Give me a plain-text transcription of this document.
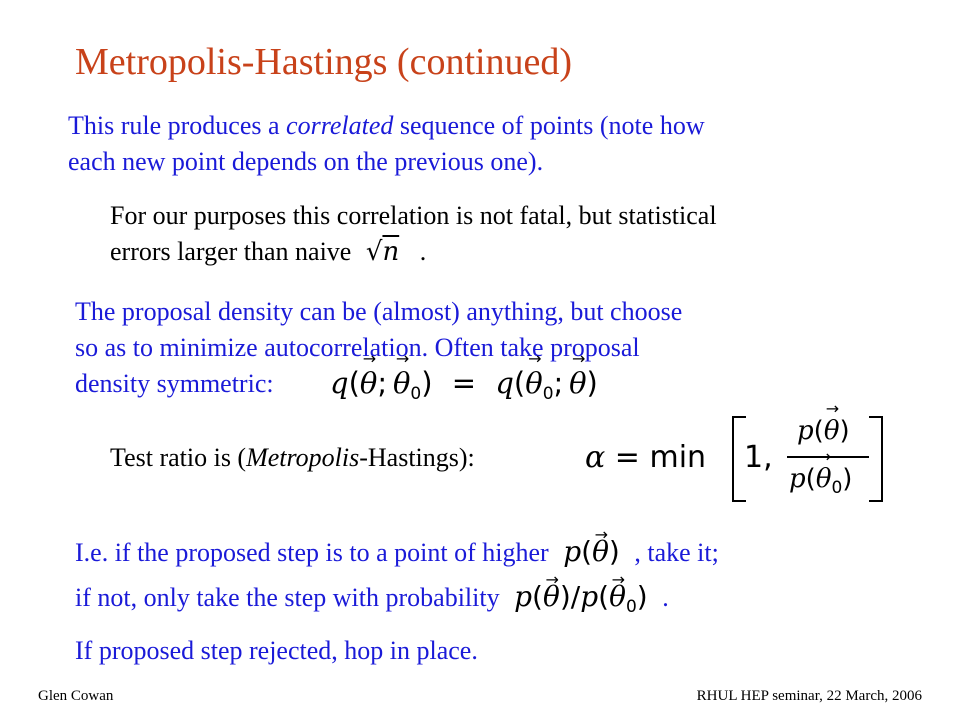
Metropolis-Hastings (continued)
This rule produces a correlated sequence of points (note how
each new point depends on the previous one).
For our purposes this correlation is not fatal, but statistical
errors larger than naive √n .
The proposal density can be (almost) anything, but choose
so as to minimize autocorrelation. Often take proposal
density symmetric:	q(→ θ; → $\theta_0) = q(\to \theta_0$; → θ)
Test ratio is (Metropolis-Hastings):	α = min 1,
p(→ θ)
$p(\to \theta_0)$
I.e. if the proposed step is to a point of higher p(→ θ) , take it;
if not, only take the step with probability $p(\to \theta)/p(\to \theta_0)$ .
If proposed step rejected, hop in place.
Glen Cowan	RHUL HEP seminar, 22 March, 2006
